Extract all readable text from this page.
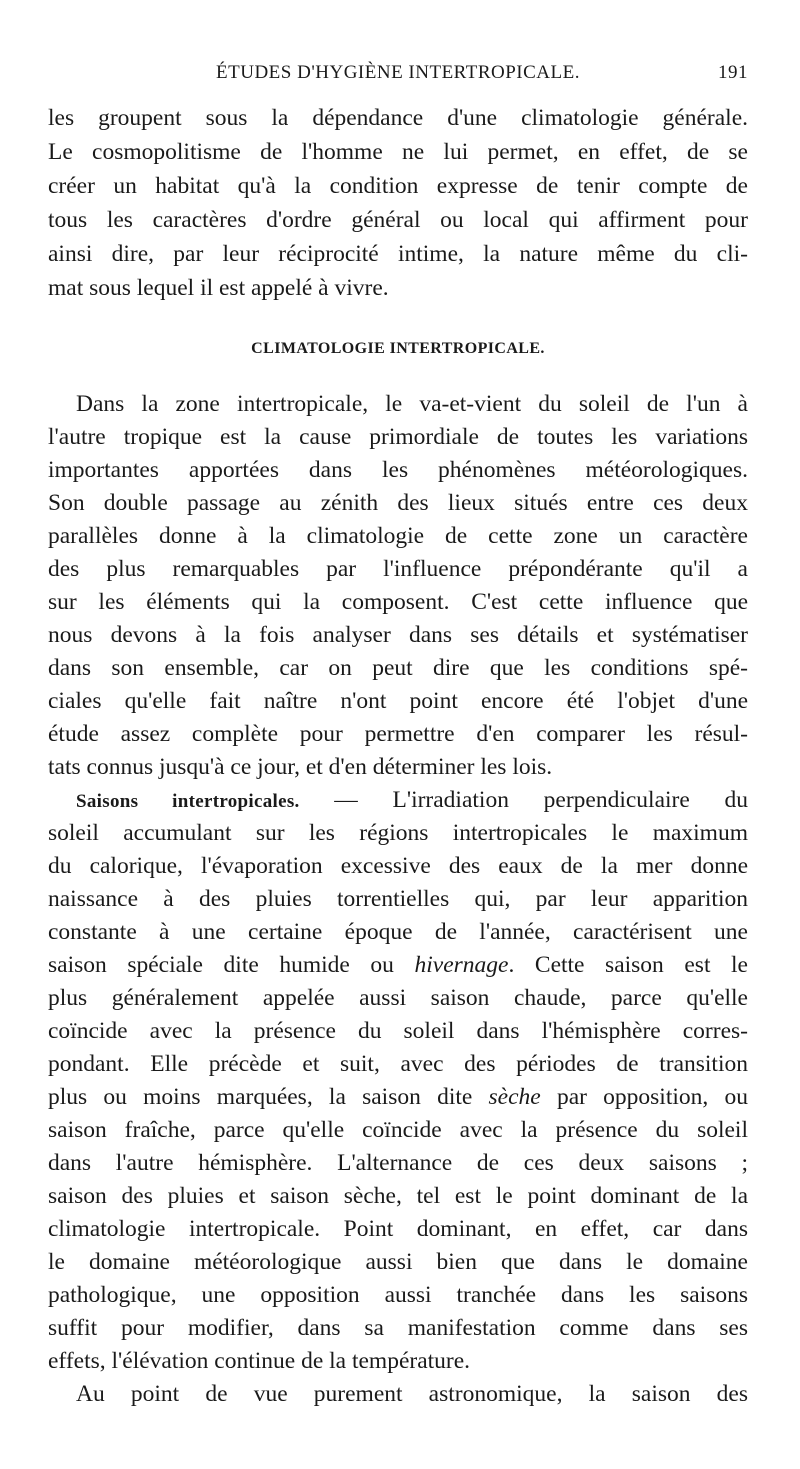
ÉTUDES D'HYGIÈNE INTERTROPICALE.	191
les groupent sous la dépendance d'une climatologie générale.
Le cosmopolitisme de l'homme ne lui permet, en effet, de se
créer un habitat qu'à la condition expresse de tenir compte de
tous les caractères d'ordre général ou local qui affirment pour
ainsi dire, par leur réciprocité intime, la nature même du cli-
mat sous lequel il est appelé à vivre.
CLIMATOLOGIE INTERTROPICALE.
Dans la zone intertropicale, le va-et-vient du soleil de l'un à
l'autre tropique est la cause primordiale de toutes les variations
importantes apportées dans les phénomènes météorologiques.
Son double passage au zénith des lieux situés entre ces deux
parallèles donne à la climatologie de cette zone un caractère
des plus remarquables par l'influence prépondérante qu'il a
sur les éléments qui la composent. C'est cette influence que
nous devons à la fois analyser dans ses détails et systématiser
dans son ensemble, car on peut dire que les conditions spé-
ciales qu'elle fait naître n'ont point encore été l'objet d'une
étude assez complète pour permettre d'en comparer les résul-
tats connus jusqu'à ce jour, et d'en déterminer les lois.
Saisons intertropicales. — L'irradiation perpendiculaire du
soleil accumulant sur les régions intertropicales le maximum
du calorique, l'évaporation excessive des eaux de la mer donne
naissance à des pluies torrentielles qui, par leur apparition
constante à une certaine époque de l'année, caractérisent une
saison spéciale dite humide ou hivernage. Cette saison est le
plus généralement appelée aussi saison chaude, parce qu'elle
coïncide avec la présence du soleil dans l'hémisphère corres-
pondant. Elle précède et suit, avec des périodes de transition
plus ou moins marquées, la saison dite sèche par opposition, ou
saison fraîche, parce qu'elle coïncide avec la présence du soleil
dans l'autre hémisphère. L'alternance de ces deux saisons ;
saison des pluies et saison sèche, tel est le point dominant de la
climatologie intertropicale. Point dominant, en effet, car dans
le domaine météorologique aussi bien que dans le domaine
pathologique, une opposition aussi tranchée dans les saisons
suffit pour modifier, dans sa manifestation comme dans ses
effets, l'élévation continue de la température.
Au point de vue purement astronomique, la saison des
